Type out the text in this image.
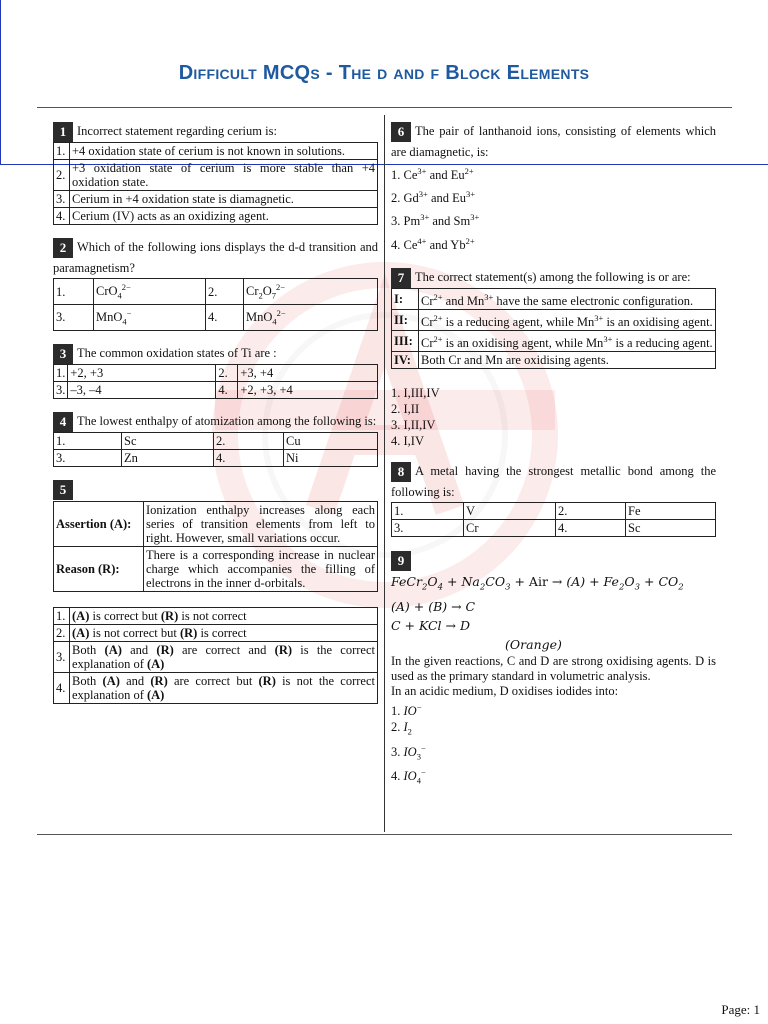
Difficult MCQs - The d and f Block Elements
1 Incorrect statement regarding cerium is:
1.	+4 oxidation state of cerium is not known in solutions.
2.	+3 oxidation state of cerium is more stable than +4 oxidation state.
3.	Cerium in +4 oxidation state is diamagnetic.
4.	Cerium (IV) acts as an oxidizing agent.
2 Which of the following ions displays the d-d transition and paramagnetism?
1.	CrO$_4^{2-}$	2.	$Cr_2O_7^{2-}$
3.	MnO$_4$−	4.	MnO$_4^{2-}$
3 The common oxidation states of Ti are :
1.	+2, +3	2.	+3, +4
3.	–3, –4	4.	+2, +3, +4
4 The lowest enthalpy of atomization among the following is:
1.	Sc	2.	Cu
3.	Zn	4.	Ni
5
Assertion (A):	Ionization enthalpy increases along each series of transition elements from left to right. However, small variations occur.
Reason (R):	There is a corresponding increase in nuclear charge which accompanies the filling of electrons in the inner d-orbitals.
1.	(A) is correct but (R) is not correct
2.	(A) is not correct but (R) is correct
3.	Both (A) and (R) are correct and (R) is the correct explanation of (A)
4.	Both (A) and (R) are correct but (R) is not the correct explanation of (A)
6 The pair of lanthanoid ions, consisting of elements which are diamagnetic, is:
1. $Ce^{3+}$ and $Eu^{2+}$
2. $Gd^{3+}$ and $Eu^{3+}$
3. $Pm^{3+}$ and $Sm^{3+}$
4. $Ce^{4+}$ and $Yb^{2+}$
7 The correct statement(s) among the following is or are:
I:	$Cr^{2+}$ and $Mn^{3+}$ have the same electronic configuration.
II:	$Cr^{2+}$ is a reducing agent, while $Mn^{3+}$ is an oxidising agent.
III:	$Cr^{2+}$ is an oxidising agent, while $Mn^{3+}$ is a reducing agent.
IV:	Both Cr and Mn are oxidising agents.
1. I,III,IV
2. I,II
3. I,II,IV
4. I,IV
8 A metal having the strongest metallic bond among the following is:
1.	V	2.	Fe
3.	Cr	4.	Sc
9
$FeCr_2O_4 + Na_2CO_3$ + Air → $(A) + Fe_2O_3 + CO_2$
(A) + (B) → C
C + KCl → D
(Orange)
In the given reactions, C and D are strong oxidising agents. D is used as the primary standard in volumetric analysis.
In an acidic medium, D oxidises iodides into:
1. IO−
2. $I_2$
3. $IO_3^-$
4. $IO_4^-$
Page: 1
